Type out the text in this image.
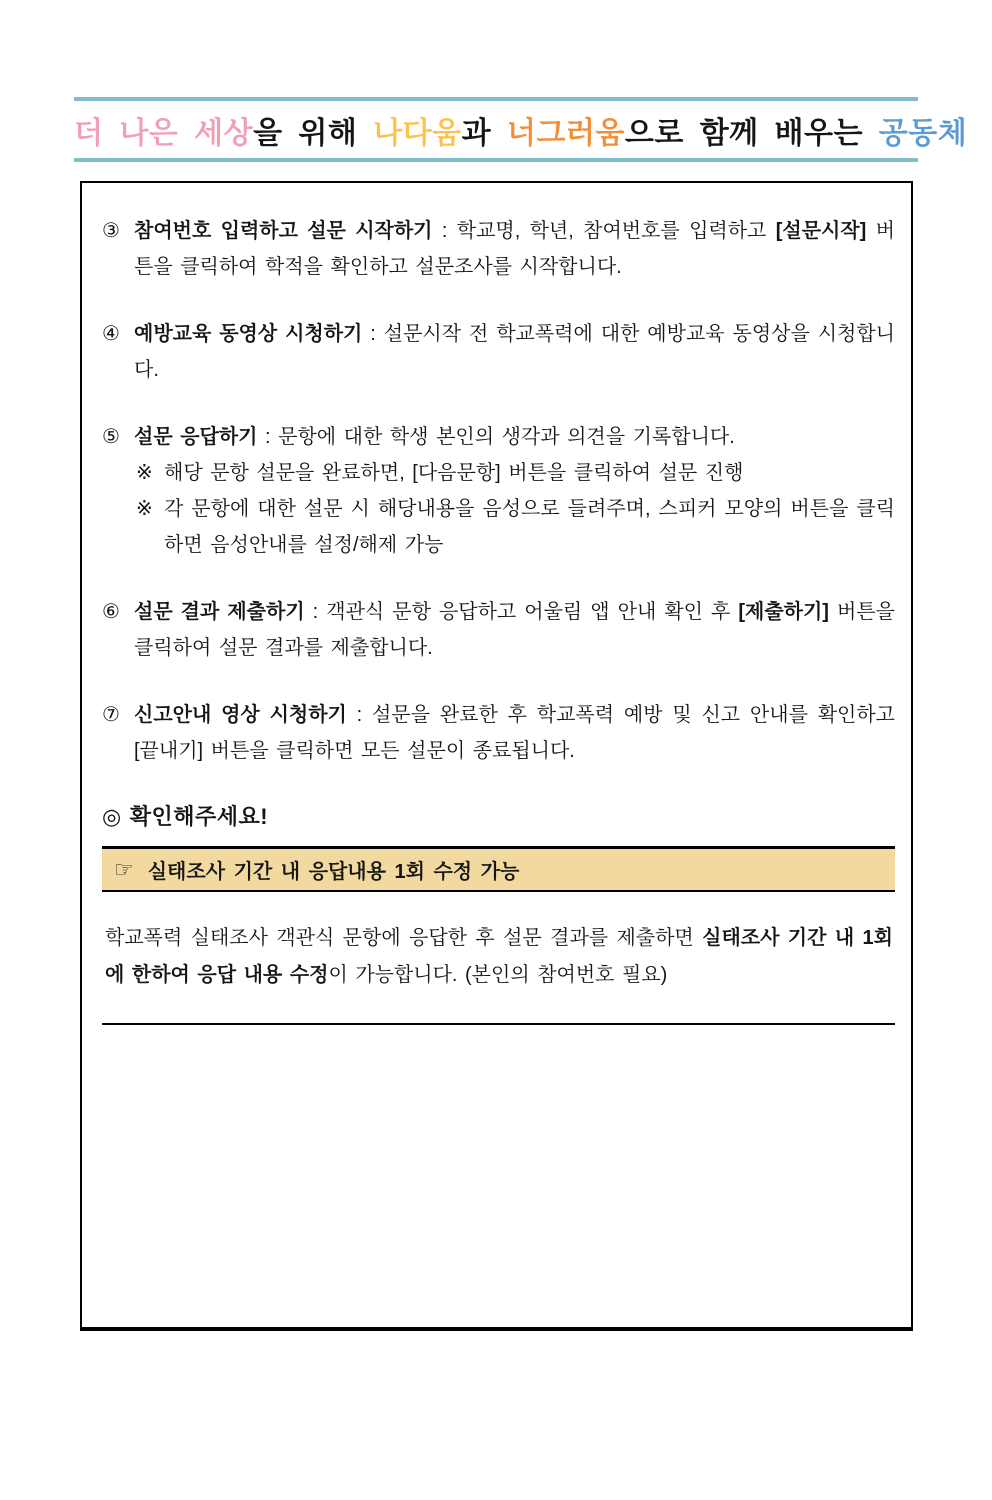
더 나은 세상을 위해 나다움과 너그러움으로 함께 배우는 공동체
③ 참여번호 입력하고 설문 시작하기 : 학교명, 학년, 참여번호를 입력하고 [설문시작] 버튼을 클릭하여 학적을 확인하고 설문조사를 시작합니다.
④ 예방교육 동영상 시청하기 : 설문시작 전 학교폭력에 대한 예방교육 동영상을 시청합니다.
⑤ 설문 응답하기 : 문항에 대한 학생 본인의 생각과 의견을 기록합니다.
※ 해당 문항 설문을 완료하면, [다음문항] 버튼을 클릭하여 설문 진행
※ 각 문항에 대한 설문 시 해당내용을 음성으로 들려주며, 스피커 모양의 버튼을 클릭하면 음성안내를 설정/해제 가능
⑥ 설문 결과 제출하기 : 객관식 문항 응답하고 어울림 앱 안내 확인 후 [제출하기] 버튼을 클릭하여 설문 결과를 제출합니다.
⑦ 신고안내 영상 시청하기 : 설문을 완료한 후 학교폭력 예방 및 신고 안내를 확인하고 [끝내기] 버튼을 클릭하면 모든 설문이 종료됩니다.
◎ 확인해주세요!
☞ 실태조사 기간 내 응답내용 1회 수정 가능

학교폭력 실태조사 객관식 문항에 응답한 후 설문 결과를 제출하면 실태조사 기간 내 1회에 한하여 응답 내용 수정이 가능합니다. (본인의 참여번호 필요)
